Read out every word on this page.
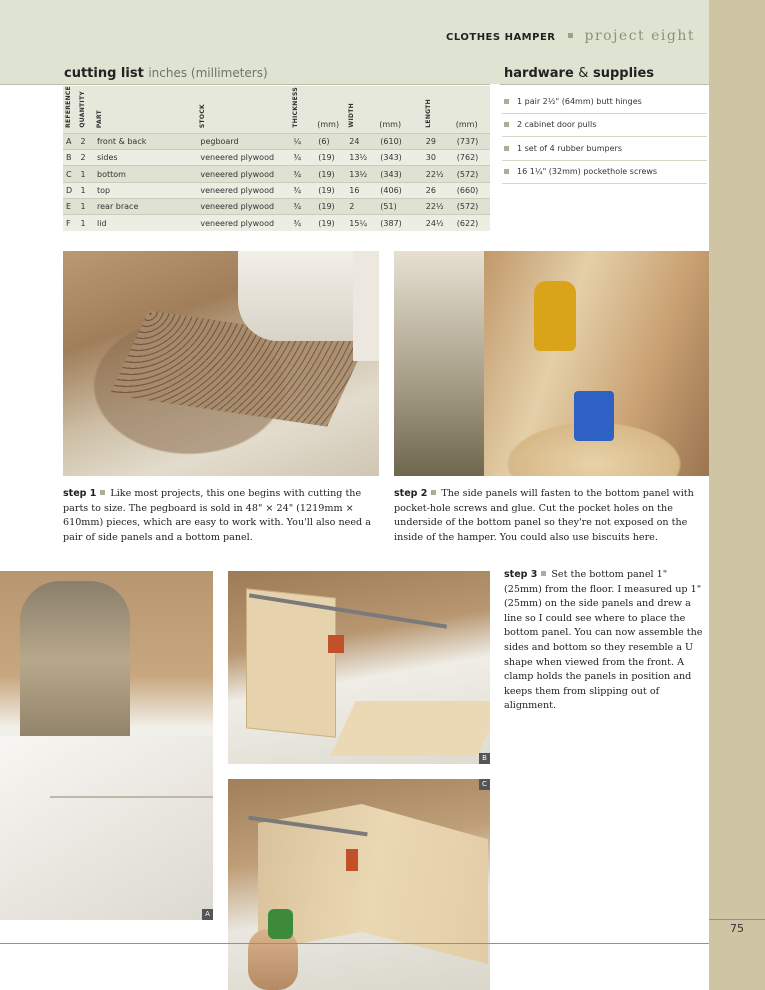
CLOTHES HAMPER project eight
cutting list inches (millimeters)	hardware & supplies
REFERENCE	QUANTITY	PART	STOCK	THICKNESS	(mm)	WIDTH	(mm)	LENGTH	(mm)
A	2	front & back	pegboard	¼	(6)	24	(610)	29	(737)
B	2	sides	veneered plywood	¾	(19)	13½	(343)	30	(762)
C	1	bottom	veneered plywood	¾	(19)	13½	(343)	22½	(572)
D	1	top	veneered plywood	¾	(19)	16	(406)	26	(660)
E	1	rear brace	veneered plywood	¾	(19)	2	(51)	22½	(572)
F	1	lid	veneered plywood	¾	(19)	15¼	(387)	24½	(622)
1 pair 2½" (64mm) butt hinges
2 cabinet door pulls
1 set of 4 rubber bumpers
16 1¼" (32mm) pockethole screws
step 1 Like most projects, this one begins with cutting the parts to size. The pegboard is sold in 48" × 24" (1219mm × 610mm) pieces, which are easy to work with. You'll also need a pair of side panels and a bottom panel.
step 2 The side panels will fasten to the bottom panel with pocket-hole screws and glue. Cut the pocket holes on the underside of the bottom panel so they're not exposed on the inside of the hamper. You could also use biscuits here.
A
B
C
step 3 Set the bottom panel 1" (25mm) from the floor. I measured up 1" (25mm) on the side panels and drew a line so I could see where to place the bottom panel. You can now assemble the sides and bottom so they resemble a U shape when viewed from the front. A clamp holds the panels in position and keeps them from slipping out of alignment.
75
